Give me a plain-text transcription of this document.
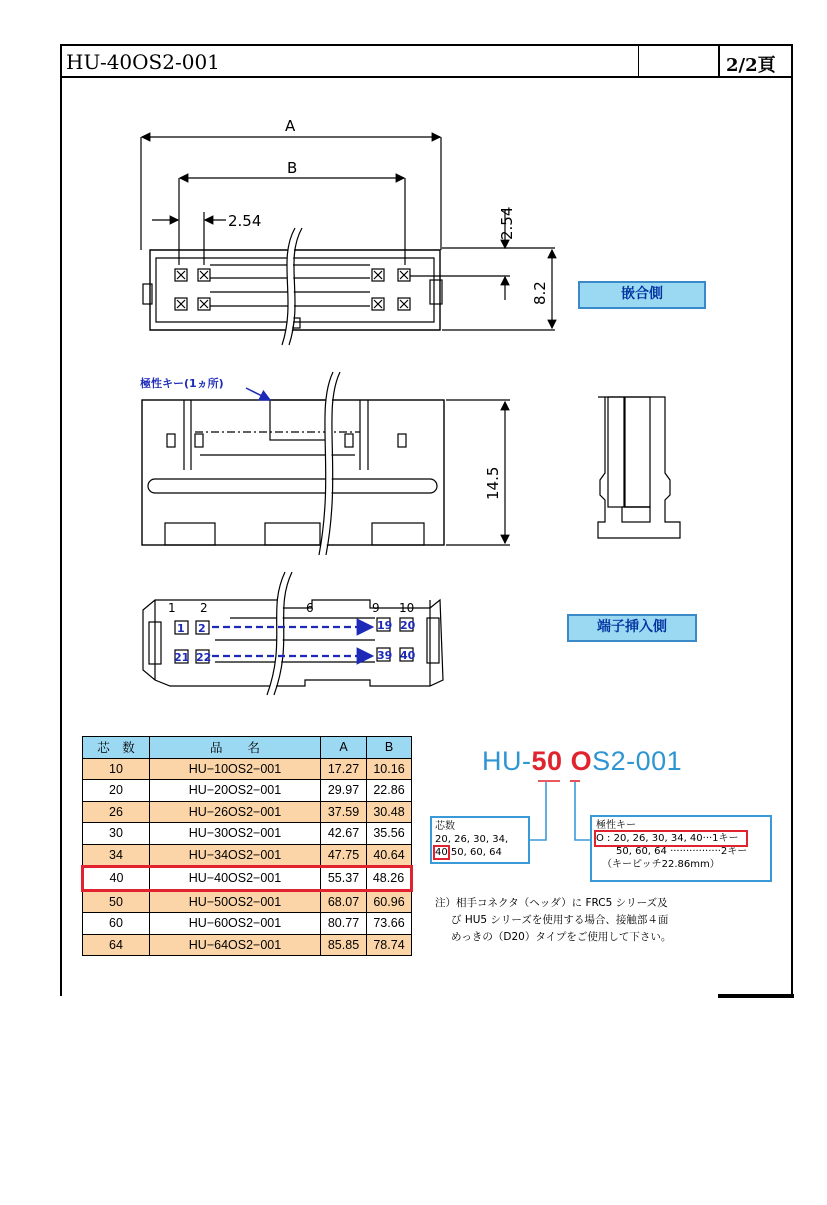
HU-40OS2-001	2/2頁
A
B
2.54	2.54
8.2
14.5
極性キー(1ヵ所)
1 2	6	9 10
1 2	19 20
21 22	39 40
嵌合側
端子挿入側
芯　数	品　　名	A	B
10	HU−10OS2−001	17.27	10.16
20	HU−20OS2−001	29.97	22.86
26	HU−26OS2−001	37.59	30.48
30	HU−30OS2−001	42.67	35.56
34	HU−34OS2−001	47.75	40.64
40	HU−40OS2−001	55.37	48.26
50	HU−50OS2−001	68.07	60.96
60	HU−60OS2−001	80.77	73.66
64	HU−64OS2−001	85.85	78.74
HU-50 OS2-001
芯数
20, 26, 30, 34,
40 50, 60, 64
極性キー
O : 20, 26, 30, 34, 40···1キー
50, 60, 64 ················2キー
（キーピッチ22.86mm）
注）相手コネクタ（ヘッダ）に FRC5 シリーズ及
び HU5 シリーズを使用する場合、接触部４面
めっきの（D20）タイプをご使用して下さい。
